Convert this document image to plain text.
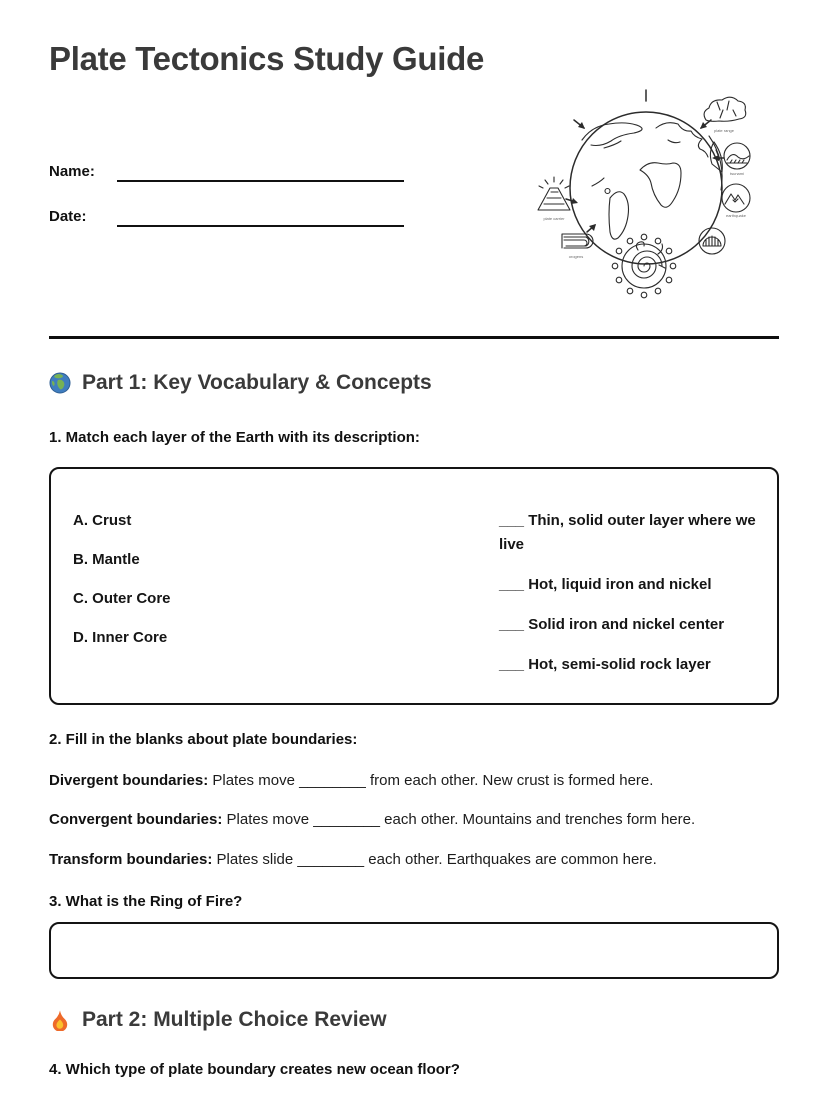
Plate Tectonics Study Guide
Name:
Date:
plate range
tsunami
earthquake
plate carrier
orogens
Part 1: Key Vocabulary & Concepts
1. Match each layer of the Earth with its description:
A. Crust
B. Mantle
C. Outer Core
D. Inner Core
___ Thin, solid outer layer where we live
___ Hot, liquid iron and nickel
___ Solid iron and nickel center
___ Hot, semi-solid rock layer
2. Fill in the blanks about plate boundaries:
Divergent boundaries: Plates move ________ from each other. New crust is formed here.
Convergent boundaries: Plates move ________ each other. Mountains and trenches form here.
Transform boundaries: Plates slide ________ each other. Earthquakes are common here.
3. What is the Ring of Fire?
Part 2: Multiple Choice Review
4. Which type of plate boundary creates new ocean floor?
